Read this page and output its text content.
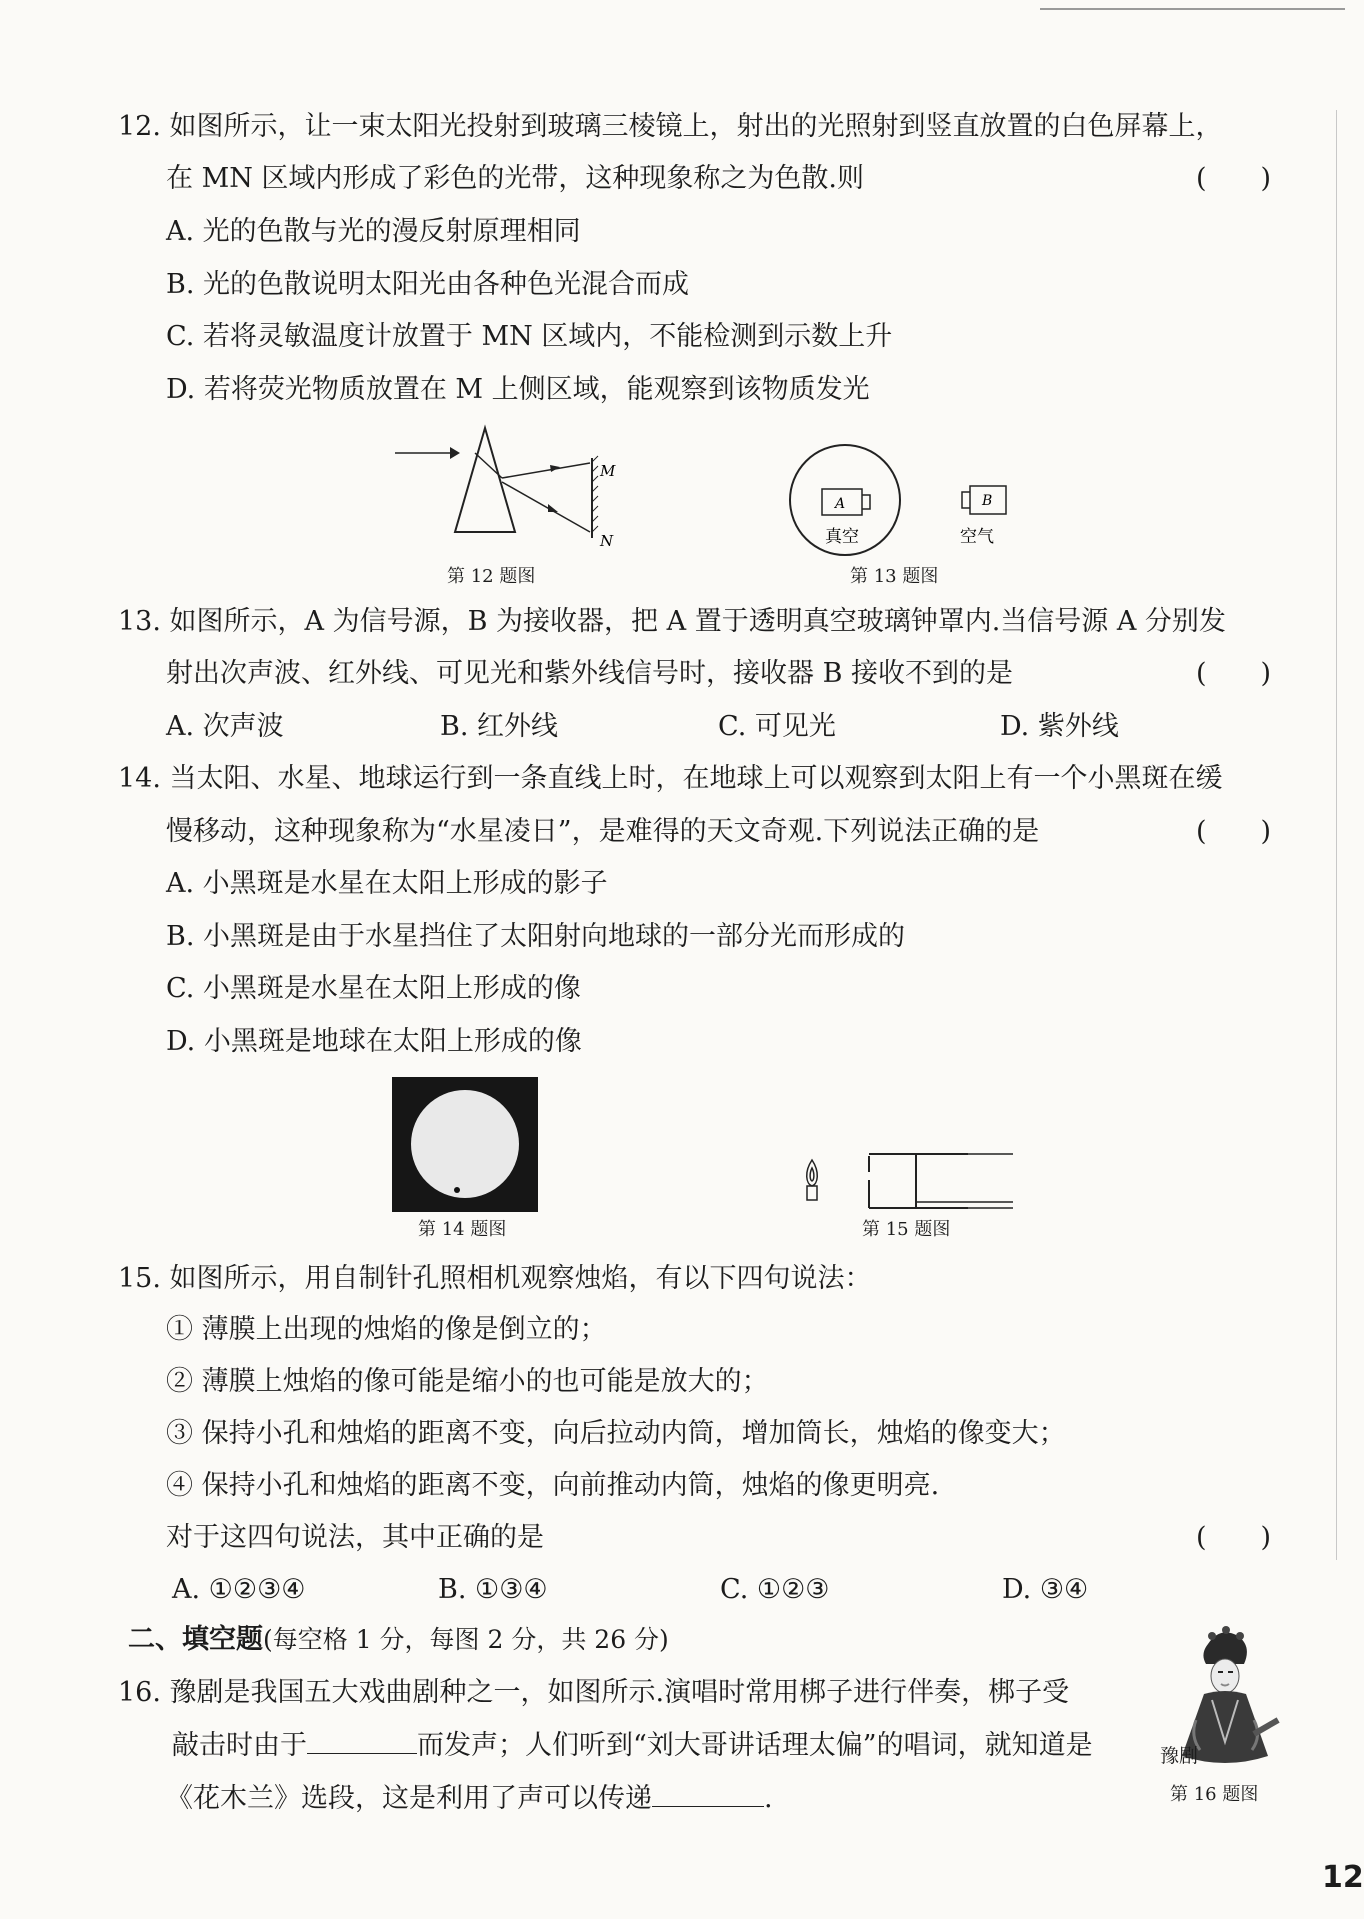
12. 如图所示，让一束太阳光投射到玻璃三棱镜上，射出的光照射到竖直放置的白色屏幕上，
在 MN 区域内形成了彩色的光带，这种现象称之为色散.则	(　　)
A. 光的色散与光的漫反射原理相同
B. 光的色散说明太阳光由各种色光混合而成
C. 若将灵敏温度计放置于 MN 区域内，不能检测到示数上升
D. 若将荧光物质放置在 M 上侧区域，能观察到该物质发光
M
N
第 12 题图
A
真空
B
空气
第 13 题图
13. 如图所示，A 为信号源，B 为接收器，把 A 置于透明真空玻璃钟罩内.当信号源 A 分别发
射出次声波、红外线、可见光和紫外线信号时，接收器 B 接收不到的是	(　　)
A. 次声波	B. 红外线	C. 可见光	D. 紫外线
14. 当太阳、水星、地球运行到一条直线上时，在地球上可以观察到太阳上有一个小黑斑在缓
慢移动，这种现象称为“水星凌日”，是难得的天文奇观.下列说法正确的是	(　　)
A. 小黑斑是水星在太阳上形成的影子
B. 小黑斑是由于水星挡住了太阳射向地球的一部分光而形成的
C. 小黑斑是水星在太阳上形成的像
D. 小黑斑是地球在太阳上形成的像
第 14 题图	第 15 题图
15. 如图所示，用自制针孔照相机观察烛焰，有以下四句说法：
① 薄膜上出现的烛焰的像是倒立的；
② 薄膜上烛焰的像可能是缩小的也可能是放大的；
③ 保持小孔和烛焰的距离不变，向后拉动内筒，增加筒长，烛焰的像变大；
④ 保持小孔和烛焰的距离不变，向前推动内筒，烛焰的像更明亮.
对于这四句说法，其中正确的是	(　　)
A. ①②③④	B. ①③④	C. ①②③	D. ③④
二、填空题(每空格 1 分，每图 2 分，共 26 分)
16. 豫剧是我国五大戏曲剧种之一，如图所示.演唱时常用梆子进行伴奏，梆子受
敲击时由于	而发声；人们听到“刘大哥讲话理太偏”的唱词，就知道是
《花木兰》选段，这是利用了声可以传递	.
豫剧
第 16 题图
12
